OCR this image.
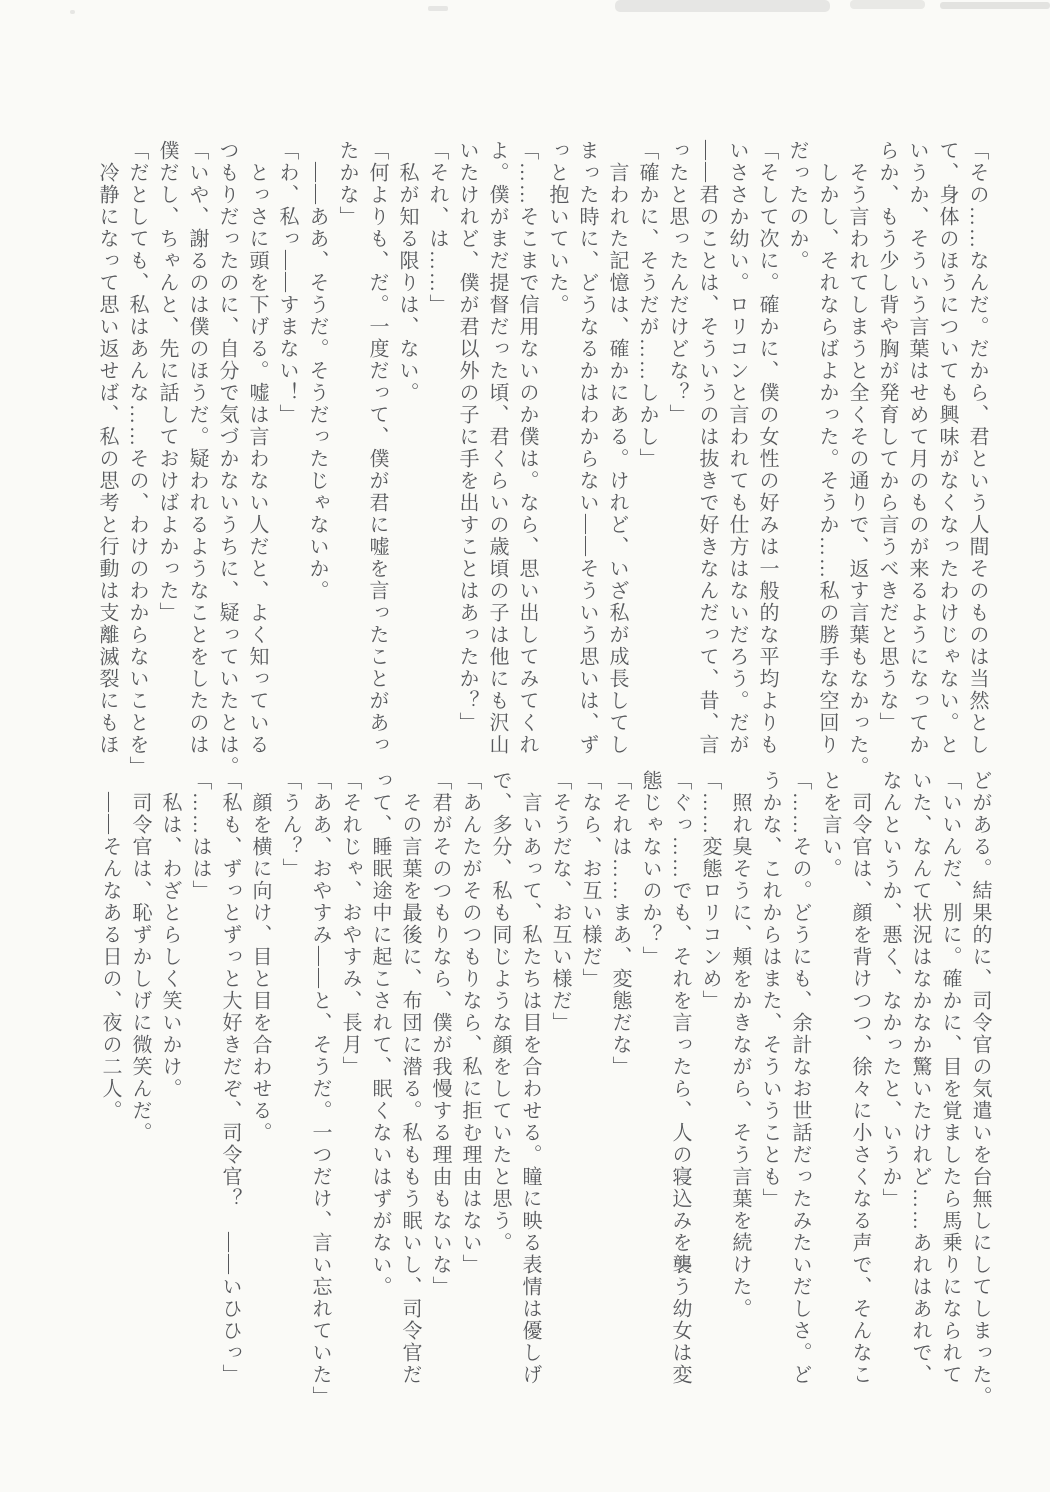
「その……なんだ。だから、君という人間そのものは当然とし
て、身体のほうについても興味がなくなったわけじゃない。と
いうか、そういう言葉はせめて月のものが来るようになってか
らか、もう少し背や胸が発育してから言うべきだと思うな」
　そう言われてしまうと全くその通りで、返す言葉もなかった。
　しかし、それならばよかった。そうか……私の勝手な空回り
だったのか。
「そして次に。確かに、僕の女性の好みは一般的な平均よりも
いささか幼い。ロリコンと言われても仕方はないだろう。だが
――君のことは、そういうのは抜きで好きなんだって、昔、言
ったと思ったんだけどな？」
「確かに、そうだが……しかし」
　言われた記憶は、確かにある。けれど、いざ私が成長してし
まった時に、どうなるかはわからない――そういう思いは、ず
っと抱いていた。
「……そこまで信用ないのか僕は。なら、思い出してみてくれ
よ。僕がまだ提督だった頃、君くらいの歳頃の子は他にも沢山
いたけれど、僕が君以外の子に手を出すことはあったか？」
「それ、は……」
　私が知る限りは、ない。
「何よりも、だ。一度だって、僕が君に嘘を言ったことがあっ
たかな」
　――ああ、そうだ。そうだったじゃないか。
「わ、私っ――すまない！」
　とっさに頭を下げる。嘘は言わない人だと、よく知っている
つもりだったのに、自分で気づかないうちに、疑っていたとは。
「いや、謝るのは僕のほうだ。疑われるようなことをしたのは
僕だし、ちゃんと、先に話しておけばよかった」
「だとしても、私はあんな……その、わけのわからないことを」
　冷静になって思い返せば、私の思考と行動は支離滅裂にもほ
どがある。結果的に、司令官の気遣いを台無しにしてしまった。
「いいんだ、別に。確かに、目を覚ましたら馬乗りになられて
いた、なんて状況はなかなか驚いたけれど……あれはあれで、
なんというか、悪く、なかったと、いうか」
　司令官は、顔を背けつつ、徐々に小さくなる声で、そんなこ
とを言い。
「……その。どうにも、余計なお世話だったみたいだしさ。ど
うかな、これからはまた、そういうことも」
　照れ臭そうに、頬をかきながら、そう言葉を続けた。
「……変態ロリコンめ」
「ぐっ……でも、それを言ったら、人の寝込みを襲う幼女は変
態じゃないのか？」
「それは……まあ、変態だな」
「なら、お互い様だ」
「そうだな、お互い様だ」
　言いあって、私たちは目を合わせる。瞳に映る表情は優しげ
で、多分、私も同じような顔をしていたと思う。
「あんたがそのつもりなら、私に拒む理由はない」
「君がそのつもりなら、僕が我慢する理由もないな」
　その言葉を最後に、布団に潜る。私ももう眠いし、司令官だ
って、睡眠途中に起こされて、眠くないはずがない。
「それじゃ、おやすみ、長月」
「ああ、おやすみ――と、そうだ。一つだけ、言い忘れていた」
「うん？」
　顔を横に向け、目と目を合わせる。
「私も、ずっとずっと大好きだぞ、司令官？　――いひひっ」
「……はは」
　私は、わざとらしく笑いかけ。
　司令官は、恥ずかしげに微笑んだ。
　――そんなある日の、夜の二人。
